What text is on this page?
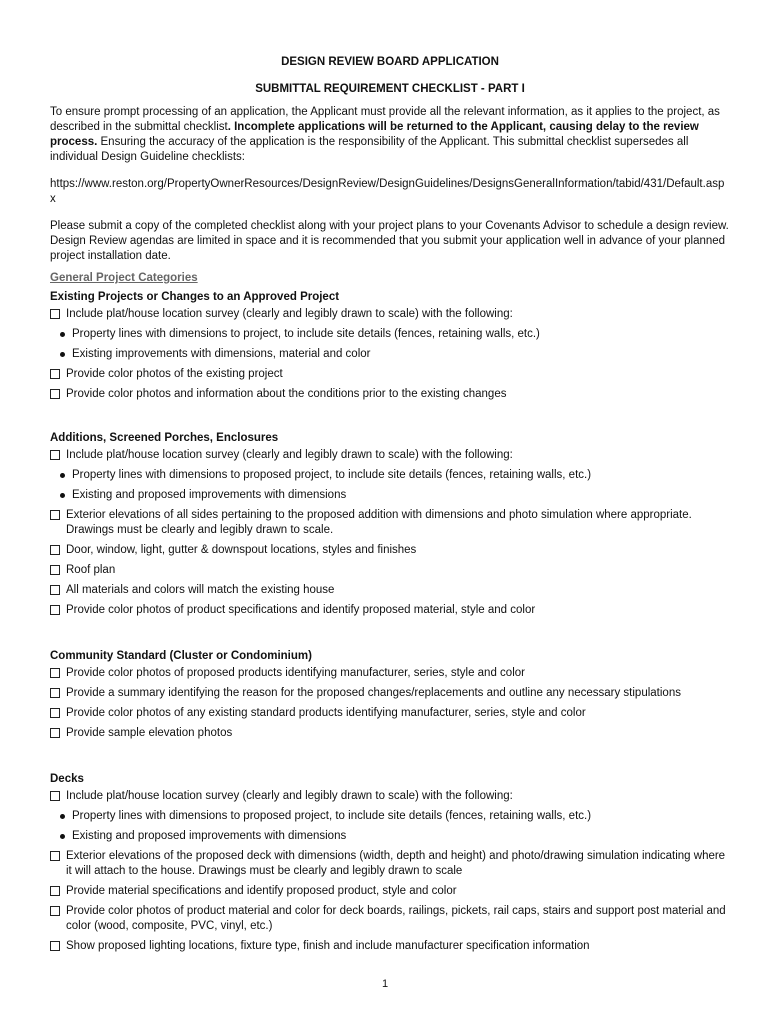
DESIGN REVIEW BOARD APPLICATION

SUBMITTAL REQUIREMENT CHECKLIST - PART I

To ensure prompt processing of an application, the Applicant must provide all the relevant information, as it applies to the project, as described in the submittal checklist. Incomplete applications will be returned to the Applicant, causing delay to the review process. Ensuring the accuracy of the application is the responsibility of the Applicant. This submittal checklist supersedes all individual Design Guideline checklists:

https://www.reston.org/PropertyOwnerResources/DesignReview/DesignGuidelines/DesignsGeneralInformation/tabid/431/Default.aspx

Please submit a copy of the completed checklist along with your project plans to your Covenants Advisor to schedule a design review. Design Review agendas are limited in space and it is recommended that you submit your application well in advance of your planned project installation date.

General Project Categories

Existing Projects or Changes to an Approved Project

Include plat/house location survey (clearly and legibly drawn to scale) with the following:
Property lines with dimensions to project, to include site details (fences, retaining walls, etc.)
Existing improvements with dimensions, material and color
Provide color photos of the existing project
Provide color photos and information about the conditions prior to the existing changes

Additions, Screened Porches, Enclosures

Include plat/house location survey (clearly and legibly drawn to scale) with the following:
Property lines with dimensions to proposed project, to include site details (fences, retaining walls, etc.)
Existing and proposed improvements with dimensions
Exterior elevations of all sides pertaining to the proposed addition with dimensions and photo simulation where appropriate. Drawings must be clearly and legibly drawn to scale.
Door, window, light, gutter & downspout locations, styles and finishes
Roof plan
All materials and colors will match the existing house
Provide color photos of product specifications and identify proposed material, style and color

Community Standard (Cluster or Condominium)

Provide color photos of proposed products identifying manufacturer, series, style and color
Provide a summary identifying the reason for the proposed changes/replacements and outline any necessary stipulations
Provide color photos of any existing standard products identifying manufacturer, series, style and color
Provide sample elevation photos

Decks

Include plat/house location survey (clearly and legibly drawn to scale) with the following:
Property lines with dimensions to proposed project, to include site details (fences, retaining walls, etc.)
Existing and proposed improvements with dimensions
Exterior elevations of the proposed deck with dimensions (width, depth and height) and photo/drawing simulation indicating where it will attach to the house. Drawings must be clearly and legibly drawn to scale
Provide material specifications and identify proposed product, style and color
Provide color photos of product material and color for deck boards, railings, pickets, rail caps, stairs and support post material and color (wood, composite, PVC, vinyl, etc.)
Show proposed lighting locations, fixture type, finish and include manufacturer specification information
1
